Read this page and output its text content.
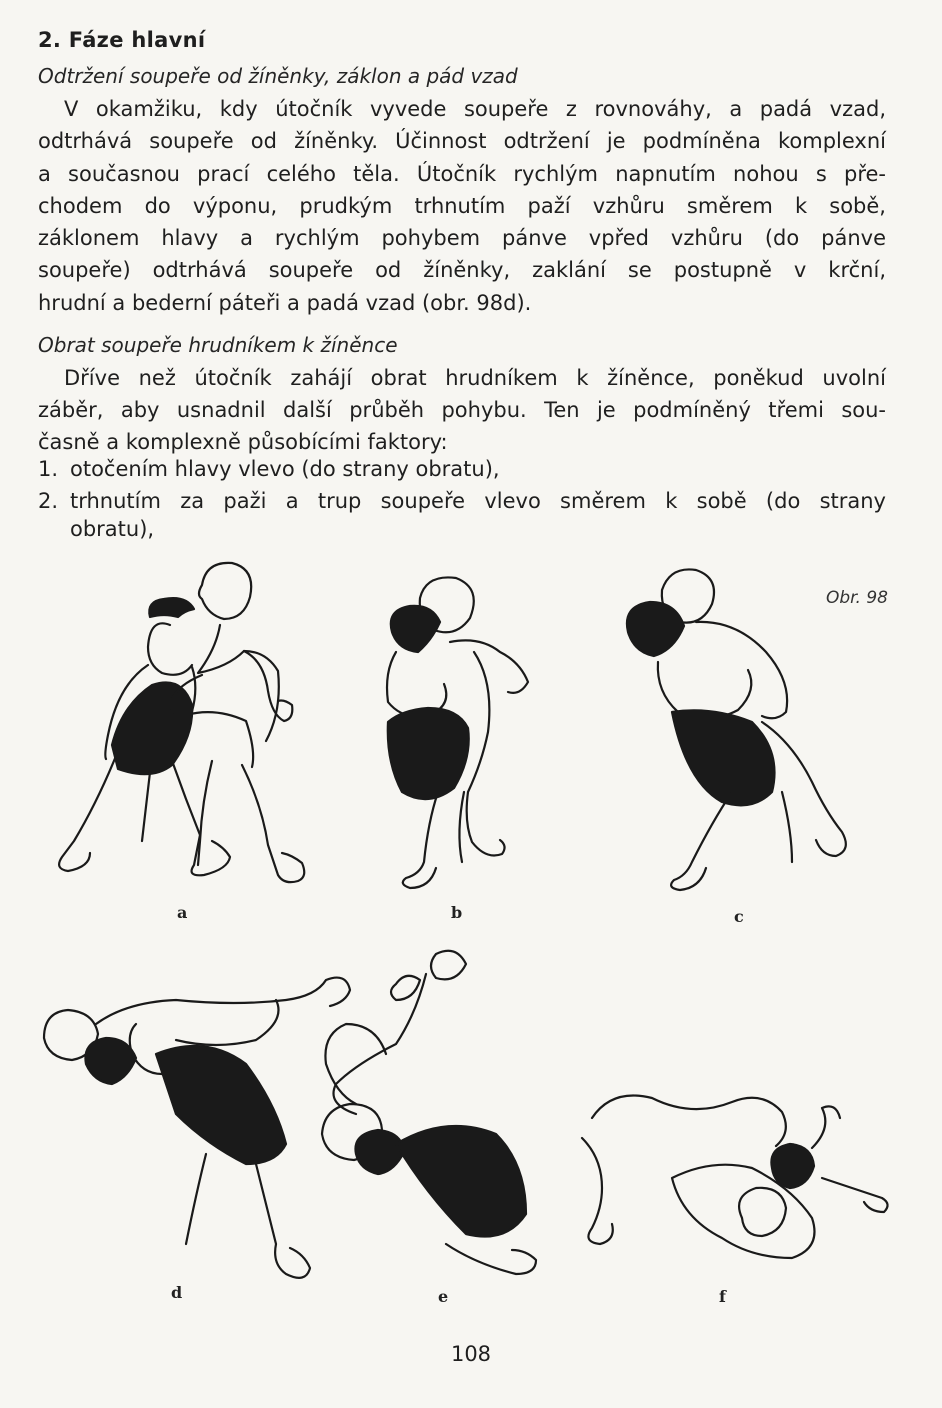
2. Fáze hlavní
Odtržení soupeře od žíněnky, záklon a pád vzad
V okamžiku, kdy útočník vyvede soupeře z rovnováhy, a padá vzad,
odtrhává soupeře od žíněnky. Účinnost odtržení je podmíněna komplexní
a současnou prací celého těla. Útočník rychlým napnutím nohou s pře-
chodem do výponu, prudkým trhnutím paží vzhůru směrem k sobě,
záklonem hlavy a rychlým pohybem pánve vpřed vzhůru (do pánve
soupeře) odtrhává soupeře od žíněnky, zaklání se postupně v krční,
hrudní a bederní páteři a padá vzad (obr. 98d).
Obrat soupeře hrudníkem k žíněnce
Dříve než útočník zahájí obrat hrudníkem k žíněnce, poněkud uvolní
záběr, aby usnadnil další průběh pohybu. Ten je podmíněný třemi sou-
časně a komplexně působícími faktory:
1. otočením hlavy vlevo (do strany obratu),
2. trhnutím za paži a trup soupeře vlevo směrem k sobě (do strany
obratu),
Obr. 98
a	b	c
d	e	f
108
